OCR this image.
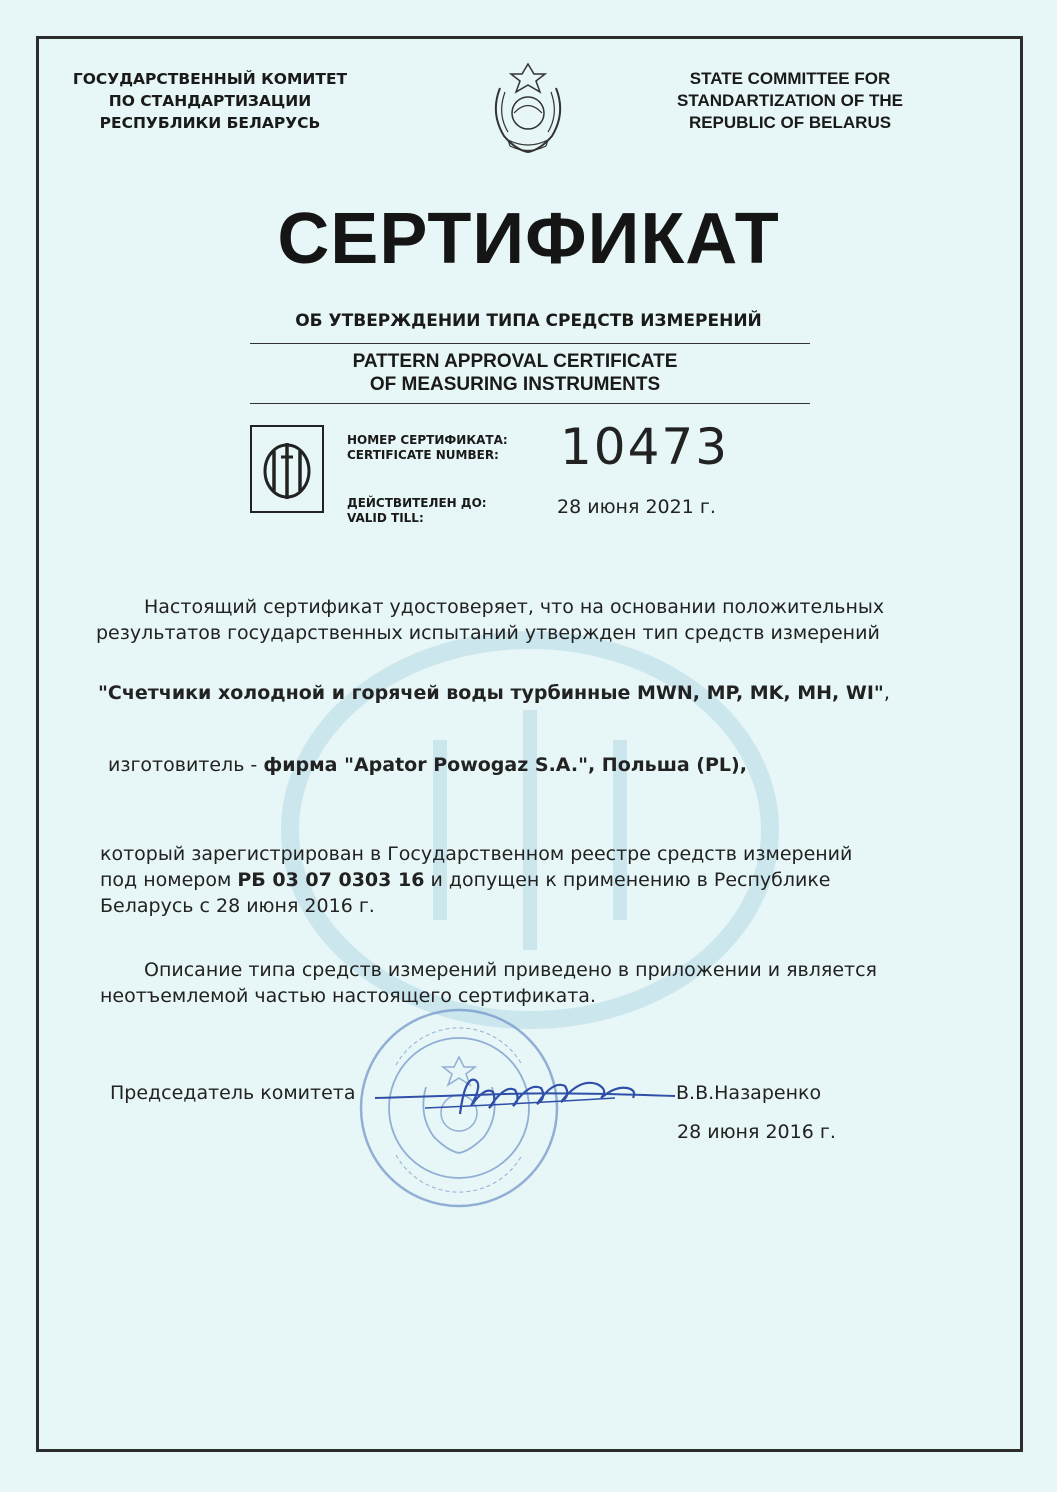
ГОСУДАРСТВЕННЫЙ КОМИТЕТ
ПО СТАНДАРТИЗАЦИИ
РЕСПУБЛИКИ БЕЛАРУСЬ
STATE COMMITTEE FOR
STANDARTIZATION OF THE
REPUBLIC OF BELARUS
СЕРТИФИКАТ
ОБ УТВЕРЖДЕНИИ ТИПА СРЕДСТВ ИЗМЕРЕНИЙ
PATTERN APPROVAL CERTIFICATE
OF MEASURING INSTRUMENTS
НОМЕР СЕРТИФИКАТА:
CERTIFICATE NUMBER: 10473
ДЕЙСТВИТЕЛЕН ДО:
VALID TILL:	28 июня 2021 г.
Настоящий сертификат удостоверяет, что на основании положительных
результатов государственных испытаний утвержден тип средств измерений
"Счетчики холодной и горячей воды турбинные MWN, MP, MK, MH, WI",
изготовитель - фирма "Apator Powogaz S.A.", Польша (PL),
который зарегистрирован в Государственном реестре средств измерений
под номером РБ 03 07 0303 16 и допущен к применению в Республике
Беларусь с 28 июня 2016 г.
Описание типа средств измерений приведено в приложении и является
неотъемлемой частью настоящего сертификата.
Председатель комитета	В.В.Назаренко
28 июня 2016 г.
